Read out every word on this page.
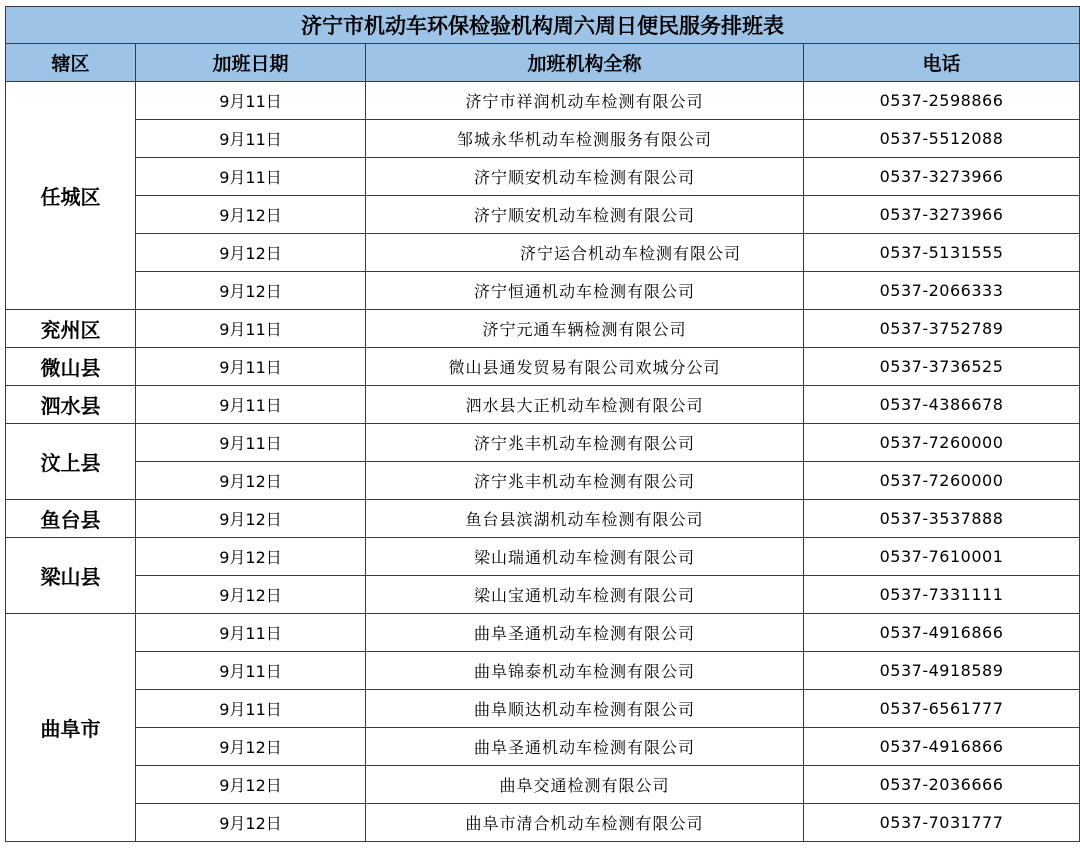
济宁市机动车环保检验机构周六周日便民服务排班表			
辖区	加班日期	加班机构全称	电话
任城区	9月11日	济宁市祥润机动车检测有限公司	0537-2598866
	9月11日	邹城永华机动车检测服务有限公司	0537-5512088
	9月11日	济宁顺安机动车检测有限公司	0537-3273966
	9月12日	济宁顺安机动车检测有限公司	0537-3273966
	9月12日	济宁运合机动车检测有限公司	0537-5131555
	9月12日	济宁恒通机动车检测有限公司	0537-2066333
兖州区	9月11日	济宁元通车辆检测有限公司	0537-3752789
微山县	9月11日	微山县通发贸易有限公司欢城分公司	0537-3736525
泗水县	9月11日	泗水县大正机动车检测有限公司	0537-4386678
汶上县	9月11日	济宁兆丰机动车检测有限公司	0537-7260000
	9月12日	济宁兆丰机动车检测有限公司	0537-7260000
鱼台县	9月12日	鱼台县滨湖机动车检测有限公司	0537-3537888
梁山县	9月12日	梁山瑞通机动车检测有限公司	0537-7610001
	9月12日	梁山宝通机动车检测有限公司	0537-7331111
曲阜市	9月11日	曲阜圣通机动车检测有限公司	0537-4916866
	9月11日	曲阜锦泰机动车检测有限公司	0537-4918589
	9月11日	曲阜顺达机动车检测有限公司	0537-6561777
	9月12日	曲阜圣通机动车检测有限公司	0537-4916866
	9月12日	曲阜交通检测有限公司	0537-2036666
	9月12日	曲阜市清合机动车检测有限公司	0537-7031777
